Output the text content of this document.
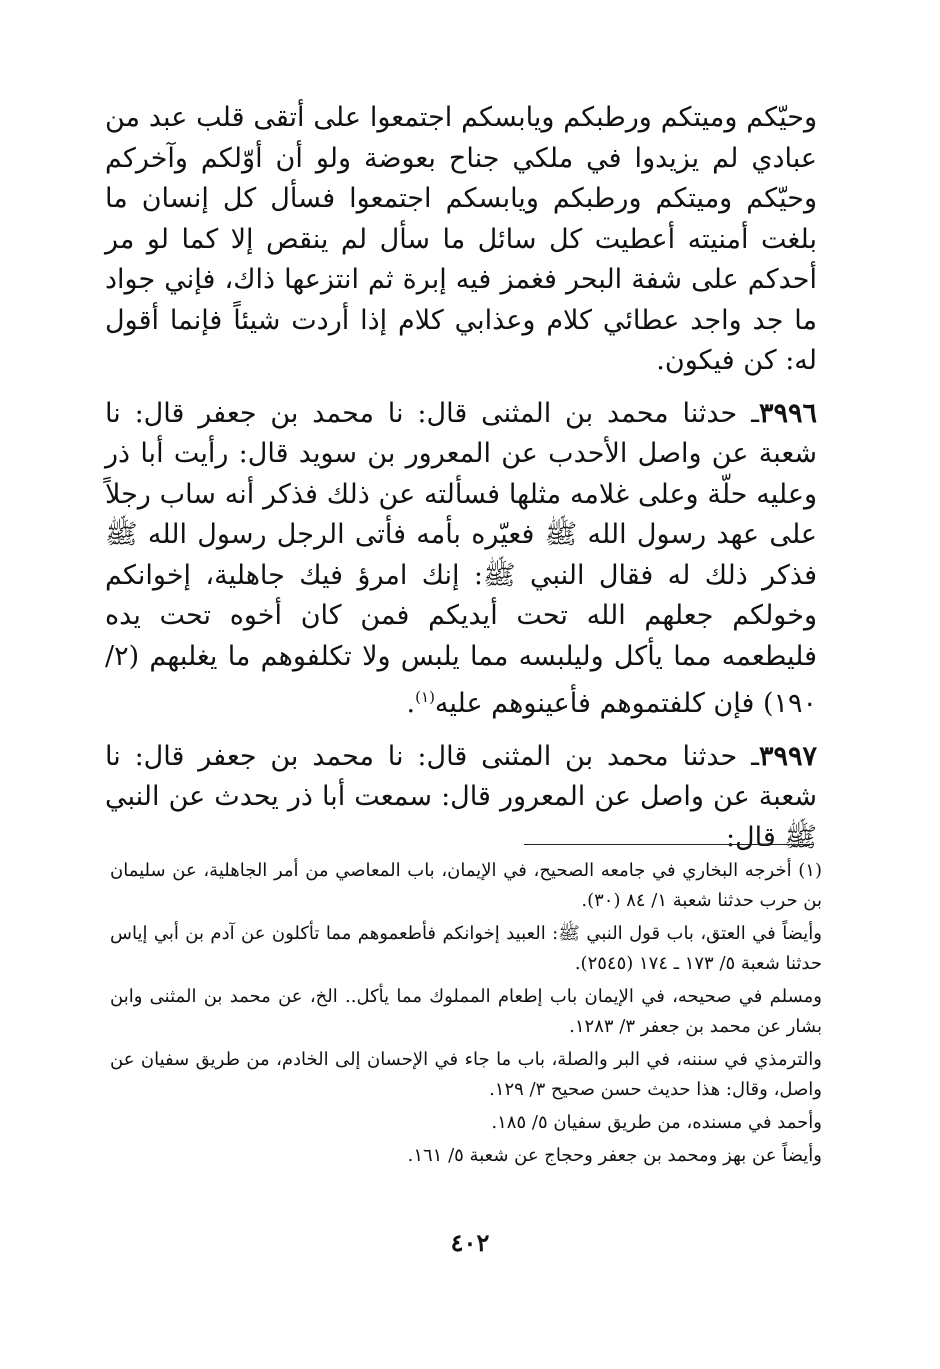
وحيّكم وميتكم ورطبكم ويابسكم اجتمعوا على أتقى قلب عبد من عبادي لم يزيدوا في ملكي جناح بعوضة ولو أن أوّلكم وآخركم وحيّكم وميتكم ورطبكم ويابسكم اجتمعوا فسأل كل إنسان ما بلغت أمنيته أعطيت كل سائل ما سأل لم ينقص إلا كما لو مر أحدكم على شفة البحر فغمز فيه إبرة ثم انتزعها ذاك، فإني جواد ما جد واجد عطائي كلام وعذابي كلام إذا أردت شيئاً فإنما أقول له: كن فيكون.

٣٩٩٦ـ حدثنا محمد بن المثنى قال: نا محمد بن جعفر قال: نا شعبة عن واصل الأحدب عن المعرور بن سويد قال: رأيت أبا ذر وعليه حلّة وعلى غلامه مثلها فسألته عن ذلك فذكر أنه ساب رجلاً على عهد رسول الله ﷺ فعيّره بأمه فأتى الرجل رسول الله ﷺ فذكر ذلك له فقال النبي ﷺ: إنك امرؤ فيك جاهلية، إخوانكم وخولكم جعلهم الله تحت أيديكم فمن كان أخوه تحت يده فليطعمه مما يأكل وليلبسه مما يلبس ولا تكلفوهم ما يغلبهم (٢/ ١٩٠) فإن كلفتموهم فأعينوهم عليه$^{(١)}$.

٣٩٩٧ـ حدثنا محمد بن المثنى قال: نا محمد بن جعفر قال: نا شعبة عن واصل عن المعرور قال: سمعت أبا ذر يحدث عن النبي ﷺ قال:

(١) أخرجه البخاري في جامعه الصحيح، في الإيمان، باب المعاصي من أمر الجاهلية، عن سليمان بن حرب حدثنا شعبة ١/ ٨٤ (٣٠).

وأيضاً في العتق، باب قول النبي ﷺ: العبيد إخوانكم فأطعموهم مما تأكلون عن آدم بن أبي إياس حدثنا شعبة ٥/ ١٧٣ ـ ١٧٤ (٢٥٤٥).

ومسلم في صحيحه، في الإيمان باب إطعام المملوك مما يأكل.. الخ، عن محمد بن المثنى وابن بشار عن محمد بن جعفر ٣/ ١٢٨٣.

والترمذي في سننه، في البر والصلة، باب ما جاء في الإحسان إلى الخادم، من طريق سفيان عن واصل، وقال: هذا حديث حسن صحيح ٣/ ١٢٩.

وأحمد في مسنده، من طريق سفيان ٥/ ١٨٥.

وأيضاً عن بهز ومحمد بن جعفر وحجاج عن شعبة ٥/ ١٦١.

٤٠٢
